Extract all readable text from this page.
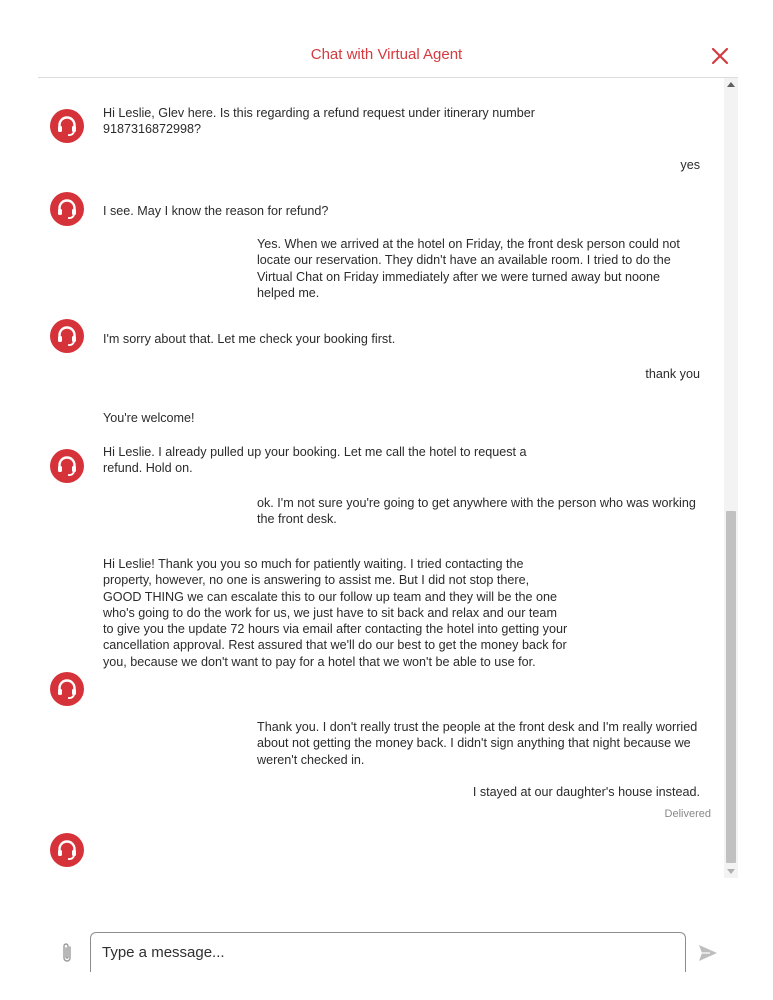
Chat with Virtual Agent
Hi Leslie, Glev here. Is this regarding a refund request under itinerary number 9187316872998?
yes
I see. May I know the reason for refund?
Yes. When we arrived at the hotel on Friday, the front desk person could not locate our reservation. They didn't have an available room. I tried to do the Virtual Chat on Friday immediately after we were turned away but noone helped me.
I'm sorry about that. Let me check your booking first.
thank you
You're welcome!
Hi Leslie. I already pulled up your booking. Let me call the hotel to request a refund. Hold on.
ok. I'm not sure you're going to get anywhere with the person who was working the front desk.
Hi Leslie! Thank you you so much for patiently waiting. I tried contacting the property, however, no one is answering to assist me. But I did not stop there, GOOD THING we can escalate this to our follow up team and they will be the one who's going to do the work for us, we just have to sit back and relax and our team to give you the update 72 hours via email after contacting the hotel into getting your cancellation approval. Rest assured that we'll do our best to get the money back for you, because we don't want to pay for a hotel that we won't be able to use for.
Thank you. I don't really trust the people at the front desk and I'm really worried about not getting the money back. I didn't sign anything that night because we weren't checked in.
I stayed at our daughter's house instead.
Delivered
Type a message...
